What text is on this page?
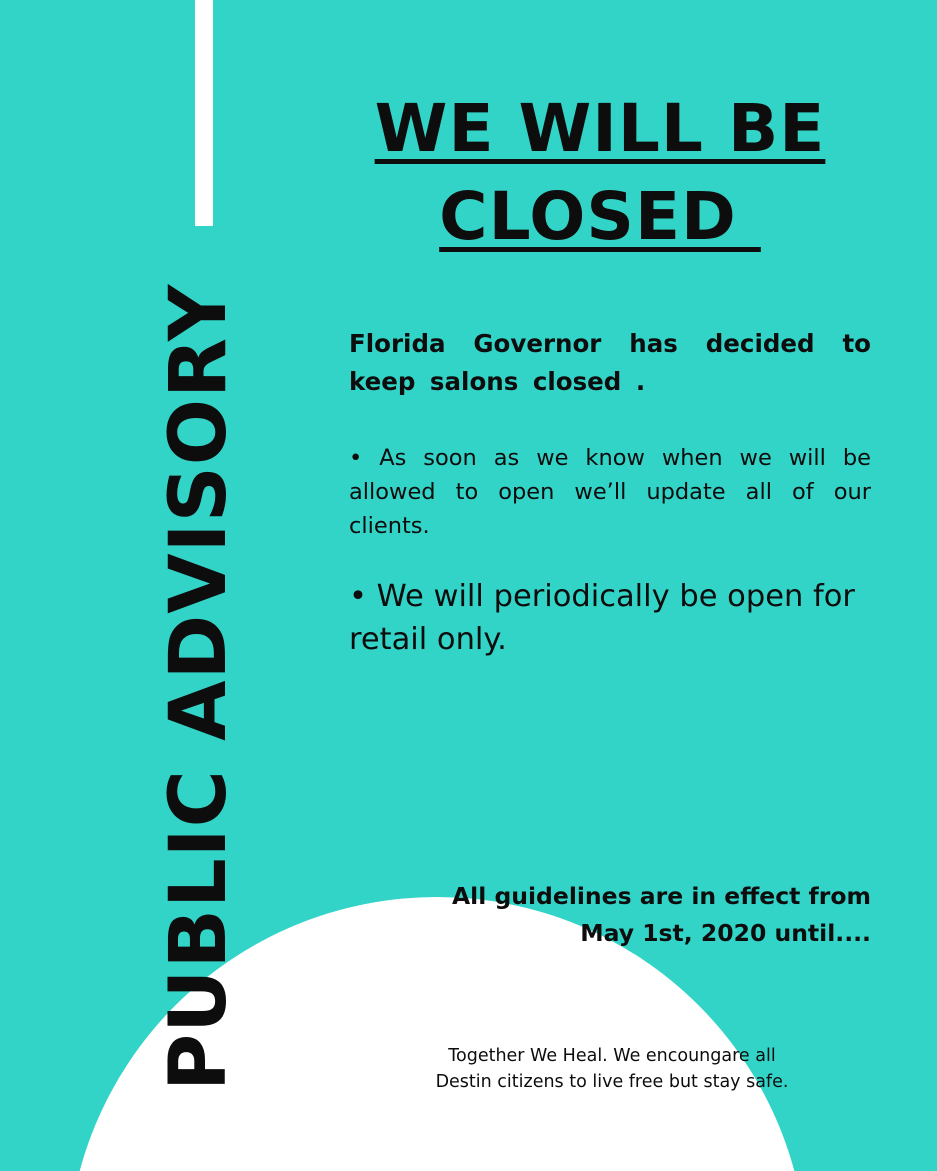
PUBLIC ADVISORY
WE WILL BE
CLOSED
Florida Governor has decided to keep salons closed .
• As soon as we know when we will be allowed to open we’ll update all of our clients.
• We will periodically be open for retail only.
All guidelines are in effect from
May 1st, 2020 until....
Together We Heal. We encoungare all
Destin citizens to live free but stay safe.
